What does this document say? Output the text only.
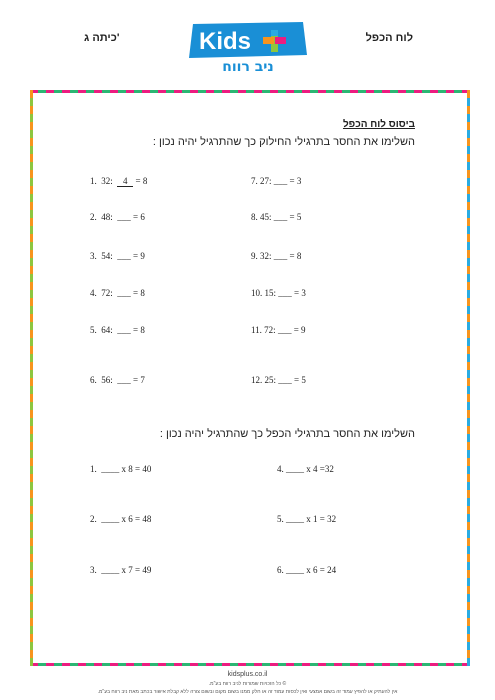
כיתה ג'	לוח הכפל
Kids
ניב רווח
ביסוס לוח הכפל
השלימו את החסר בתרגילי החילוק כך שהתרגיל יהיה נכון :
1. 32: 4 = 8
2. 48: ___ = 6
3. 54: ___ = 9
4. 72: ___ = 8
5. 64: ___ = 8
6. 56: ___ = 7
7. 27: ___ = 3
8. 45: ___ = 5
9. 32: ___ = 8
10. 15: ___ = 3
11. 72: ___ = 9
12. 25: ___ = 5
השלימו את החסר בתרגילי הכפל כך שהתרגיל יהיה נכון :
1. ____ x 8 = 40
2. ____ x 6 = 48
3. ____ x 7 = 49
4. ____ x 4 =32
5. ____ x 1 = 32
6. ____ x 6 = 24
kidsplus.co.il
© כל הזכויות שמורות לניב רווח בע"מ.
אין להעתיק או להפיץ עמוד זה בשום אמצעי ואין לכסות עמוד זה או חלק ממנו בשום מקום ובשום צורה ללא קבלת אישור בכתב מאת ניב רווח בע"מ.
